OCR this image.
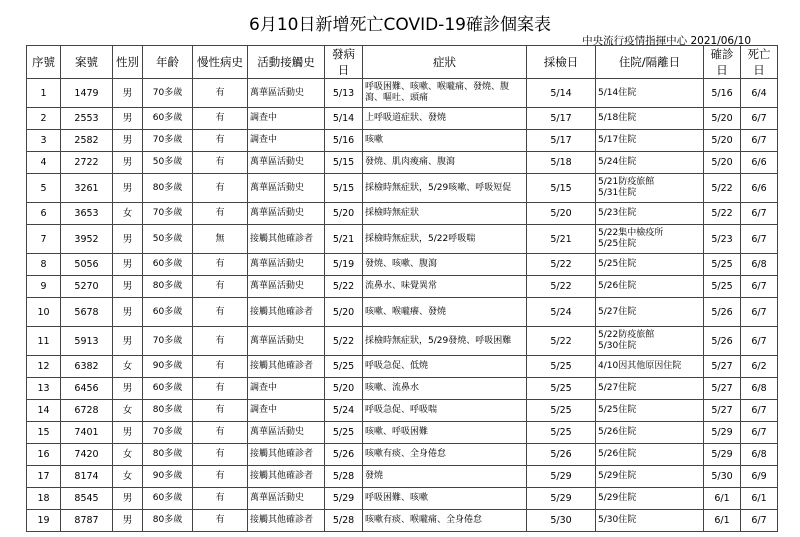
6月10日新增死亡COVID-19確診個案表
中央流行疫情指揮中心 2021/06/10
序號	案號	性別	年齡	慢性病史	活動接觸史	發病日	症狀	採檢日	住院/隔離日	確診日	死亡日
1	1479	男	70多歲	有	萬華區活動史	5/13	呼吸困難、咳嗽、喉嚨痛、發燒、腹瀉、嘔吐、頭痛	5/14	5/14住院	5/16	6/4
2	2553	男	60多歲	有	調查中	5/14	上呼吸道症狀、發燒	5/17	5/18住院	5/20	6/7
3	2582	男	70多歲	有	調查中	5/16	咳嗽	5/17	5/17住院	5/20	6/7
4	2722	男	50多歲	有	萬華區活動史	5/15	發燒、肌肉痠痛、腹瀉	5/18	5/24住院	5/20	6/6
5	3261	男	80多歲	有	萬華區活動史	5/15	採檢時無症狀，5/29咳嗽、呼吸短促	5/15	5/21防疫旅館
5/31住院	5/22	6/6
6	3653	女	70多歲	有	萬華區活動史	5/20	採檢時無症狀	5/20	5/23住院	5/22	6/7
7	3952	男	50多歲	無	接觸其他確診者	5/21	採檢時無症狀，5/22呼吸喘	5/21	5/22集中檢疫所
5/25住院	5/23	6/7
8	5056	男	60多歲	有	萬華區活動史	5/19	發燒、咳嗽、腹瀉	5/22	5/25住院	5/25	6/8
9	5270	男	80多歲	有	萬華區活動史	5/22	流鼻水、味覺異常	5/22	5/26住院	5/25	6/7
10	5678	男	60多歲	有	接觸其他確診者	5/20	咳嗽、喉嚨癢、發燒	5/24	5/27住院	5/26	6/7
11	5913	男	70多歲	有	萬華區活動史	5/22	採檢時無症狀，5/29發燒、呼吸困難	5/22	5/22防疫旅館
5/30住院	5/26	6/7
12	6382	女	90多歲	有	接觸其他確診者	5/25	呼吸急促、低燒	5/25	4/10因其他原因住院	5/27	6/2
13	6456	男	60多歲	有	調查中	5/20	咳嗽、流鼻水	5/25	5/27住院	5/27	6/8
14	6728	女	80多歲	有	調查中	5/24	呼吸急促、呼吸喘	5/25	5/25住院	5/27	6/7
15	7401	男	70多歲	有	萬華區活動史	5/25	咳嗽、呼吸困難	5/25	5/26住院	5/29	6/7
16	7420	女	80多歲	有	接觸其他確診者	5/26	咳嗽有痰、全身倦怠	5/26	5/26住院	5/29	6/8
17	8174	女	90多歲	有	接觸其他確診者	5/28	發燒	5/29	5/29住院	5/30	6/9
18	8545	男	60多歲	有	萬華區活動史	5/29	呼吸困難、咳嗽	5/29	5/29住院	6/1	6/1
19	8787	男	80多歲	有	接觸其他確診者	5/28	咳嗽有痰、喉嚨痛、全身倦怠	5/30	5/30住院	6/1	6/7
